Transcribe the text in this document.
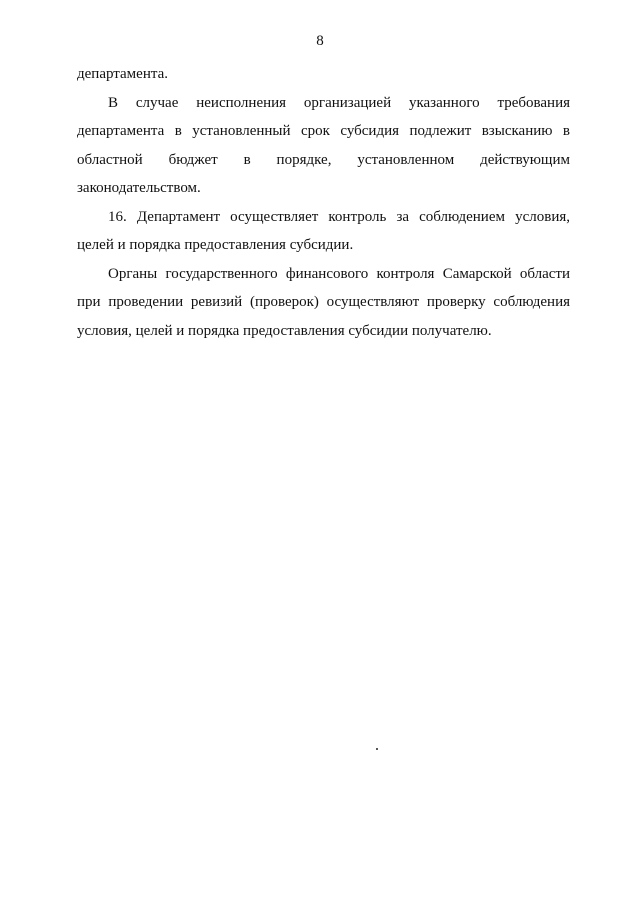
8

департамента.

В случае неисполнения организацией указанного требования департамента в установленный срок субсидия подлежит взысканию в областной бюджет в порядке, установленном действующим законодательством.

16. Департамент осуществляет контроль за соблюдением условия, целей и порядка предоставления субсидии.

Органы государственного финансового контроля Самарской области при проведении ревизий (проверок) осуществляют проверку соблюдения условия, целей и порядка предоставления субсидии получателю.
